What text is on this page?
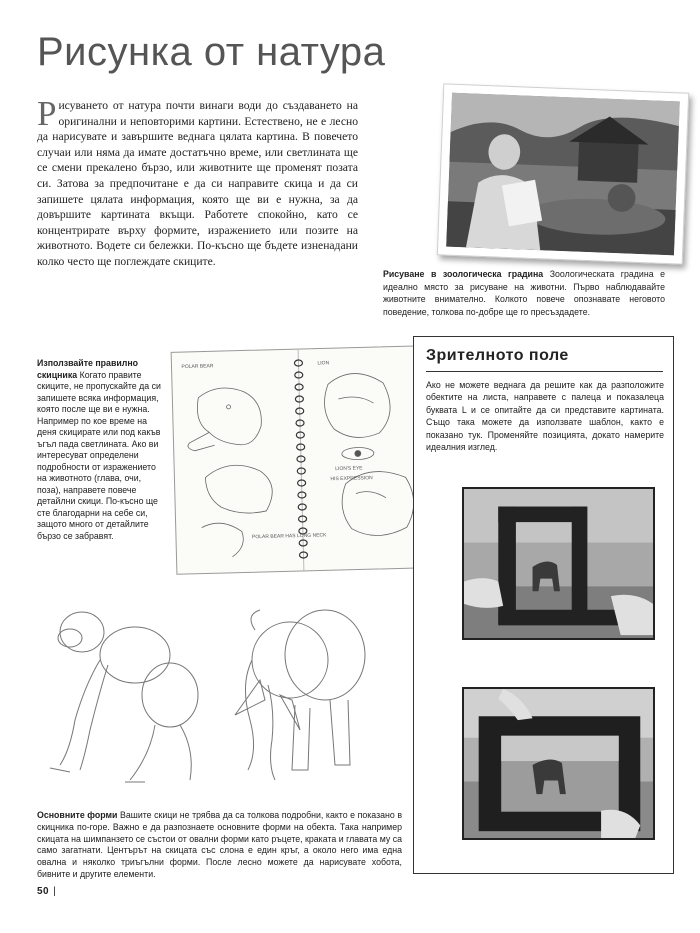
Рисунка от натура
Рисуването от натура почти винаги води до създаването на оригинални и неповторими картини. Естествено, не е лесно да нарисувате и завършите веднага цялата картина. В повечето случаи или няма да имате достатъчно време, или светлината ще се смени прекалено бързо, или животните ще променят позата си. Затова за предпочитане е да си направите скица и да си запишете цялата информация, която ще ви е нужна, за да довършите картината вкъщи. Работете спокойно, като се концентрирате върху формите, изражението или позите на животното. Водете си бележки. По-късно ще бъдете изненадани колко често ще поглеждате скиците.
Рисуване в зоологическа градина Зоологическата градина е идеално място за рисуване на животни. Първо наблюдавайте животните внимателно. Колкото повече опознавате неговото поведение, толкова по-добре ще го пресъздадете.
Използвайте правилно скицника Когато правите скиците, не пропускайте да си запишете всяка информация, която после ще ви е нужна. Например по кое време на деня скицирате или под какъв ъгъл пада светлината. Ако ви интересуват определени подробности от изражението на животното (глава, очи, поза), направете повече детайлни скици. По-късно ще сте благодарни на себе си, защото много от детайлите бързо се забравят.
POLAR BEAR	LION
LION'S EYE
POLAR BEAR HAS LONG NECK
HIS EXPRESSION
Зрителното поле
Ако не можете веднага да решите как да разположите обектите на листа, направете с палеца и показалеца буквата L и се опитайте да си представите картината. Също така можете да използвате шаблон, както е показано тук. Променяйте позицията, докато намерите идеалния изглед.
Основните форми Вашите скици не трябва да са толкова подробни, както е показано в скицника по-горе. Важно е да разпознаете основните форми на обекта. Така например скицата на шимпанзето се състои от овални форми като ръцете, краката и главата му са само загатнати. Центърът на скицата със слона е един кръг, а около него има една овална и няколко триъгълни форми. После лесно можете да нарисувате хобота, бивните и другите елементи.
50 |
